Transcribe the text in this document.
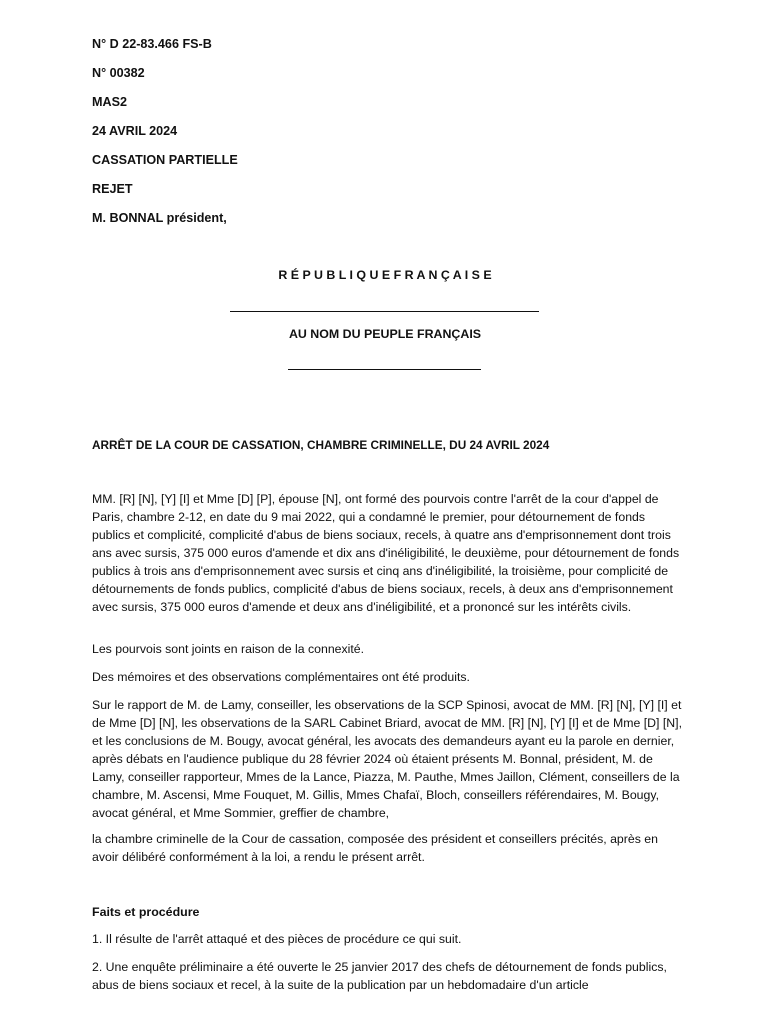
N° D 22-83.466 FS-B
N° 00382
MAS2
24 AVRIL 2024
CASSATION PARTIELLE
REJET
M. BONNAL président,
R É P U B L I Q U E F R A N Ç A I S E
AU NOM DU PEUPLE FRANÇAIS
ARRÊT DE LA COUR DE CASSATION, CHAMBRE CRIMINELLE, DU 24 AVRIL 2024

MM. [R] [N], [Y] [I] et Mme [D] [P], épouse [N], ont formé des pourvois contre l'arrêt de la cour d'appel de Paris, chambre 2-12, en date du 9 mai 2022, qui a condamné le premier, pour détournement de fonds publics et complicité, complicité d'abus de biens sociaux, recels, à quatre ans d'emprisonnement dont trois ans avec sursis, 375 000 euros d'amende et dix ans d'inéligibilité, le deuxième, pour détournement de fonds publics à trois ans d'emprisonnement avec sursis et cinq ans d'inéligibilité, la troisième, pour complicité de détournements de fonds publics, complicité d'abus de biens sociaux, recels, à deux ans d'emprisonnement avec sursis, 375 000 euros d'amende et deux ans d'inéligibilité, et a prononcé sur les intérêts civils.

Les pourvois sont joints en raison de la connexité.

Des mémoires et des observations complémentaires ont été produits.

Sur le rapport de M. de Lamy, conseiller, les observations de la SCP Spinosi, avocat de MM. [R] [N], [Y] [I] et de Mme [D] [N], les observations de la SARL Cabinet Briard, avocat de MM. [R] [N], [Y] [I] et de Mme [D] [N], et les conclusions de M. Bougy, avocat général, les avocats des demandeurs ayant eu la parole en dernier, après débats en l'audience publique du 28 février 2024 où étaient présents M. Bonnal, président, M. de Lamy, conseiller rapporteur, Mmes de la Lance, Piazza, M. Pauthe, Mmes Jaillon, Clément, conseillers de la chambre, M. Ascensi, Mme Fouquet, M. Gillis, Mmes Chafaï, Bloch, conseillers référendaires, M. Bougy, avocat général, et Mme Sommier, greffier de chambre,

la chambre criminelle de la Cour de cassation, composée des président et conseillers précités, après en avoir délibéré conformément à la loi, a rendu le présent arrêt.

Faits et procédure

1. Il résulte de l'arrêt attaqué et des pièces de procédure ce qui suit.

2. Une enquête préliminaire a été ouverte le 25 janvier 2017 des chefs de détournement de fonds publics, abus de biens sociaux et recel, à la suite de la publication par un hebdomadaire d'un article
